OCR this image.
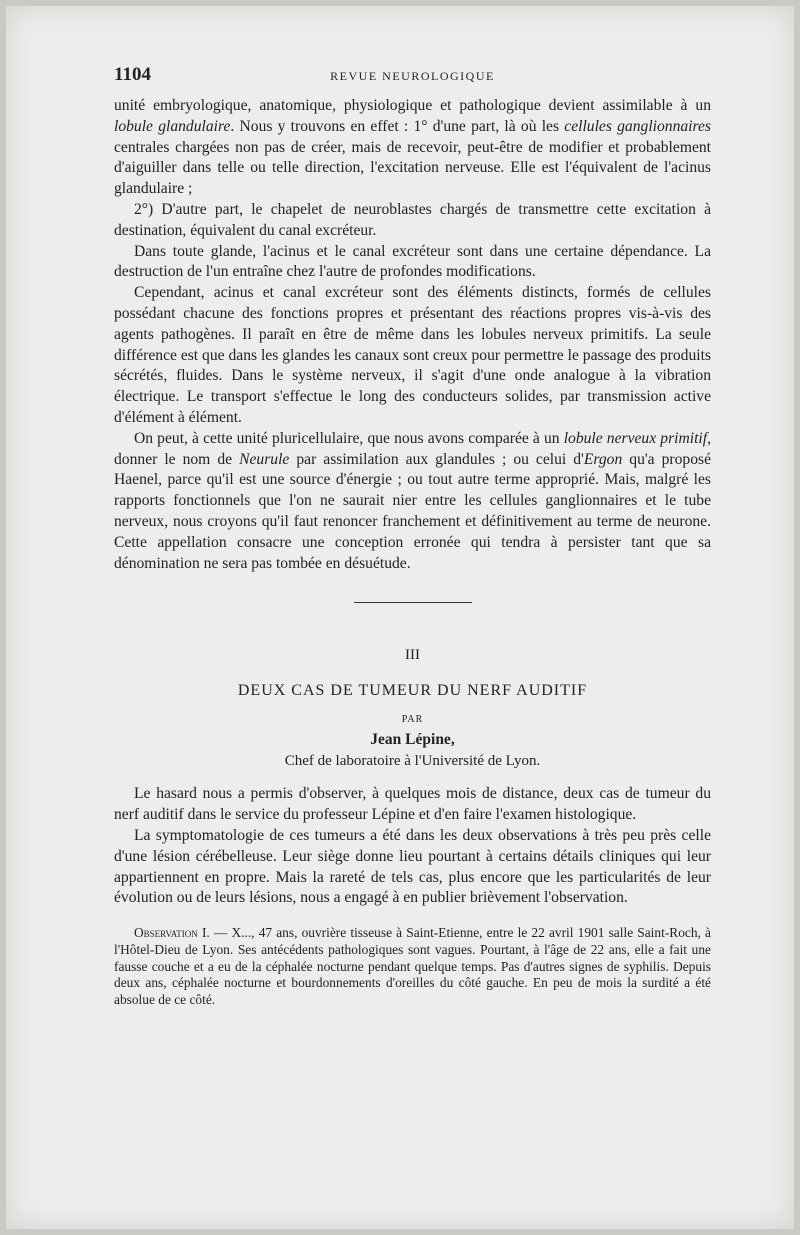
1104	REVUE NEUROLOGIQUE

unité embryologique, anatomique, physiologique et pathologique devient assimilable à un lobule glandulaire. Nous y trouvons en effet : 1° d'une part, là où les cellules ganglionnaires centrales chargées non pas de créer, mais de recevoir, peut-être de modifier et probablement d'aiguiller dans telle ou telle direction, l'excitation nerveuse. Elle est l'équivalent de l'acinus glandulaire ;

2°) D'autre part, le chapelet de neuroblastes chargés de transmettre cette excitation à destination, équivalent du canal excréteur.

Dans toute glande, l'acinus et le canal excréteur sont dans une certaine dépendance. La destruction de l'un entraîne chez l'autre de profondes modifications.

Cependant, acinus et canal excréteur sont des éléments distincts, formés de cellules possédant chacune des fonctions propres et présentant des réactions propres vis-à-vis des agents pathogènes. Il paraît en être de même dans les lobules nerveux primitifs. La seule différence est que dans les glandes les canaux sont creux pour permettre le passage des produits sécrétés, fluides. Dans le système nerveux, il s'agit d'une onde analogue à la vibration électrique. Le transport s'effectue le long des conducteurs solides, par transmission active d'élément à élément.

On peut, à cette unité pluricellulaire, que nous avons comparée à un lobule nerveux primitif, donner le nom de Neurule par assimilation aux glandules ; ou celui d'Ergon qu'a proposé Haenel, parce qu'il est une source d'énergie ; ou tout autre terme approprié. Mais, malgré les rapports fonctionnels que l'on ne saurait nier entre les cellules ganglionnaires et le tube nerveux, nous croyons qu'il faut renoncer franchement et définitivement au terme de neurone. Cette appellation consacre une conception erronée qui tendra à persister tant que sa dénomination ne sera pas tombée en désuétude.

III
DEUX CAS DE TUMEUR DU NERF AUDITIF
PAR
Jean Lépine,
Chef de laboratoire à l'Université de Lyon.

Le hasard nous a permis d'observer, à quelques mois de distance, deux cas de tumeur du nerf auditif dans le service du professeur Lépine et d'en faire l'examen histologique.

La symptomatologie de ces tumeurs a été dans les deux observations à très peu près celle d'une lésion cérébelleuse. Leur siège donne lieu pourtant à certains détails cliniques qui leur appartiennent en propre. Mais la rareté de tels cas, plus encore que les particularités de leur évolution ou de leurs lésions, nous a engagé à en publier brièvement l'observation.

Observation I. — X..., 47 ans, ouvrière tisseuse à Saint-Etienne, entre le 22 avril 1901 salle Saint-Roch, à l'Hôtel-Dieu de Lyon. Ses antécédents pathologiques sont vagues. Pourtant, à l'âge de 22 ans, elle a fait une fausse couche et a eu de la céphalée nocturne pendant quelque temps. Pas d'autres signes de syphilis. Depuis deux ans, céphalée nocturne et bourdonnements d'oreilles du côté gauche. En peu de mois la surdité a été absolue de ce côté.
